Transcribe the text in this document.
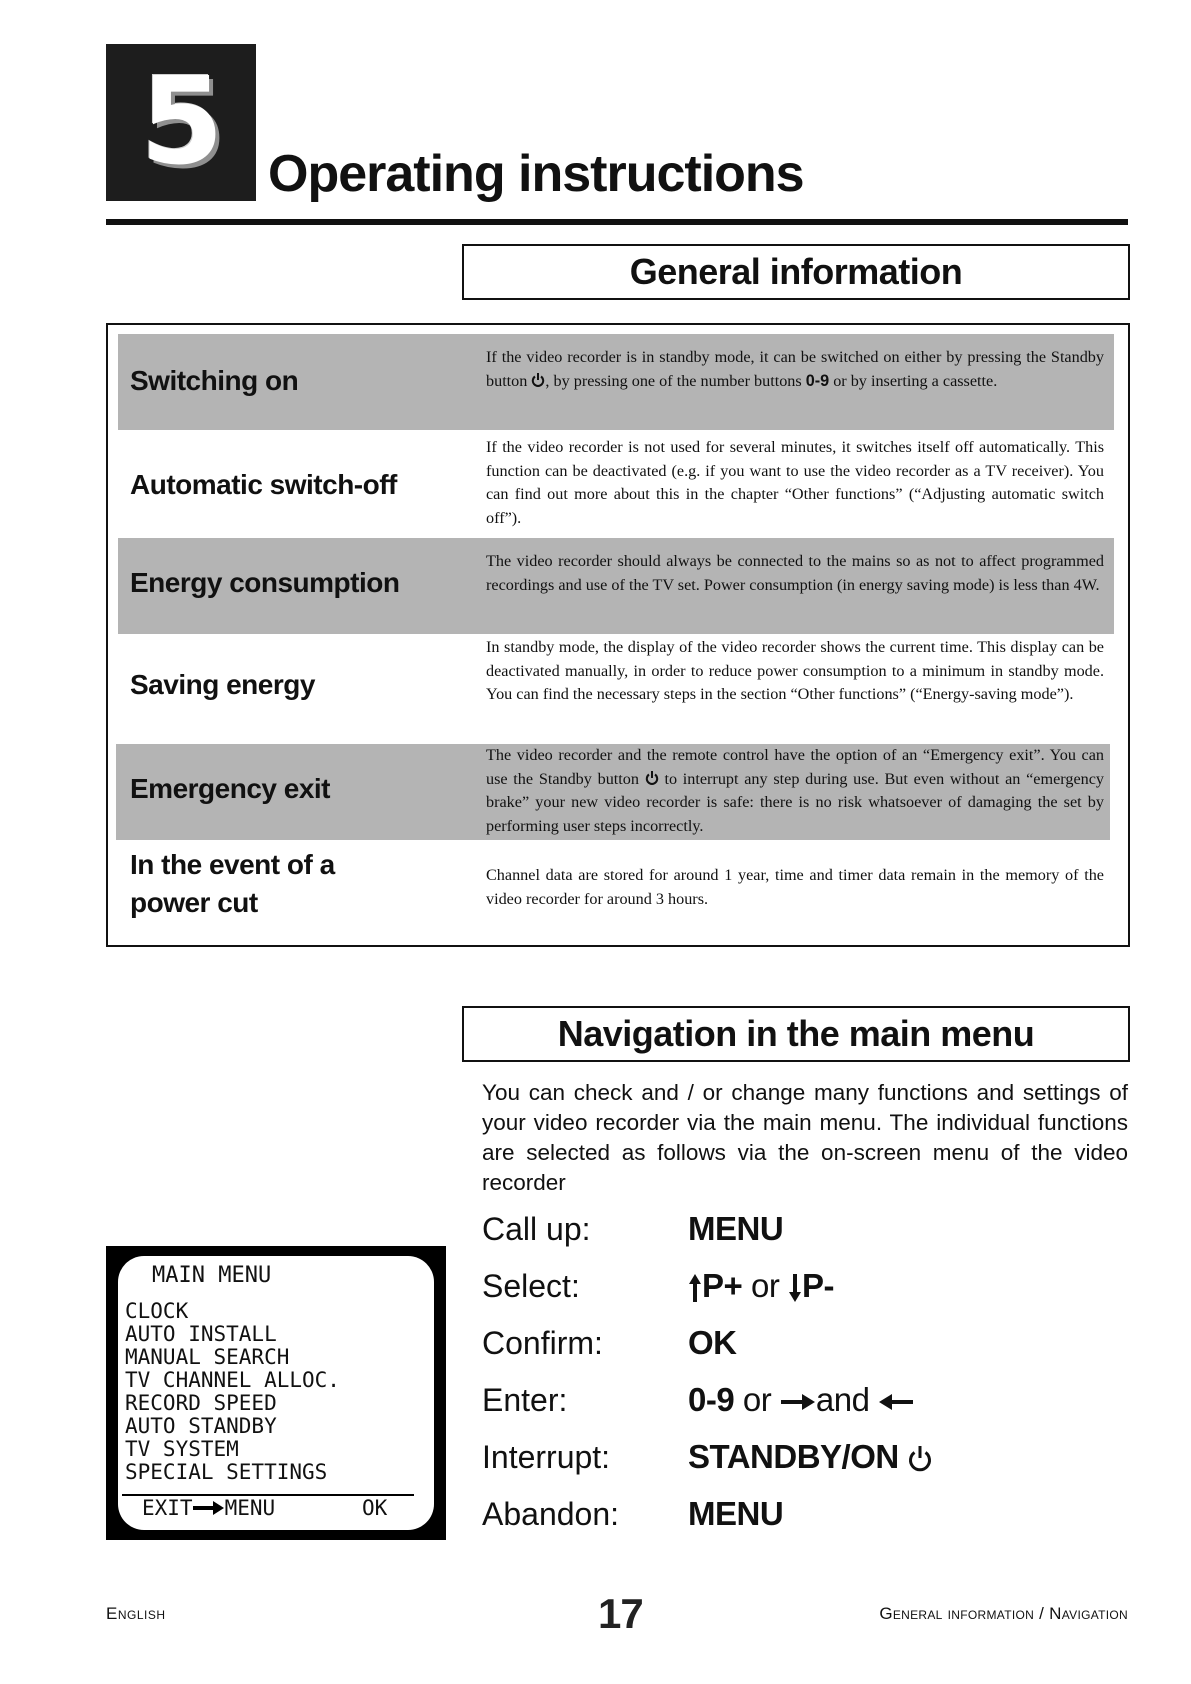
5 Operating instructions
General information
Switching on
If the video recorder is in standby mode, it can be switched on either by pressing the Standby button , by pressing one of the number buttons 0-9 or by inserting a cassette.
Automatic switch-off
If the video recorder is not used for several minutes, it switches itself off automatically. This function can be deactivated (e.g. if you want to use the video recorder as a TV receiver). You can find out more about this in the chapter “Other functions” (“Adjusting automatic switch off”).
Energy consumption
The video recorder should always be connected to the mains so as not to affect programmed recordings and use of the TV set. Power consumption (in energy saving mode) is less than 4W.
Saving energy
In standby mode, the display of the video recorder shows the current time. This display can be deactivated manually, in order to reduce power consumption to a minimum in standby mode. You can find the necessary steps in the section “Other functions” (“Energy-saving mode”).
Emergency exit
The video recorder and the remote control have the option of an “Emergency exit”. You can use the Standby button  to interrupt any step during use. But even without an “emergency brake” your new video recorder is safe: there is no risk whatsoever of damaging the set by performing user steps incorrectly.
In the event of a
power cut
Channel data are stored for around 1 year, time and timer data remain in the memory of the video recorder for around 3 hours.
Navigation in the main menu
You can check and / or change many functions and settings of your video recorder via the main menu. The individual functions are selected as follows via the on-screen menu of the video recorder
Call up:	MENU
Select:	P+ or P-
Confirm:	OK
Enter:	0-9 or and
Interrupt: STANDBY/ON
Abandon: MENU
MAIN MENU
CLOCK
AUTO INSTALL
MANUAL SEARCH
TV CHANNEL ALLOC.
RECORD SPEED
AUTO STANDBY
TV SYSTEM
SPECIAL SETTINGS
EXIT MENU	OK
English	17	General information / Navigation
